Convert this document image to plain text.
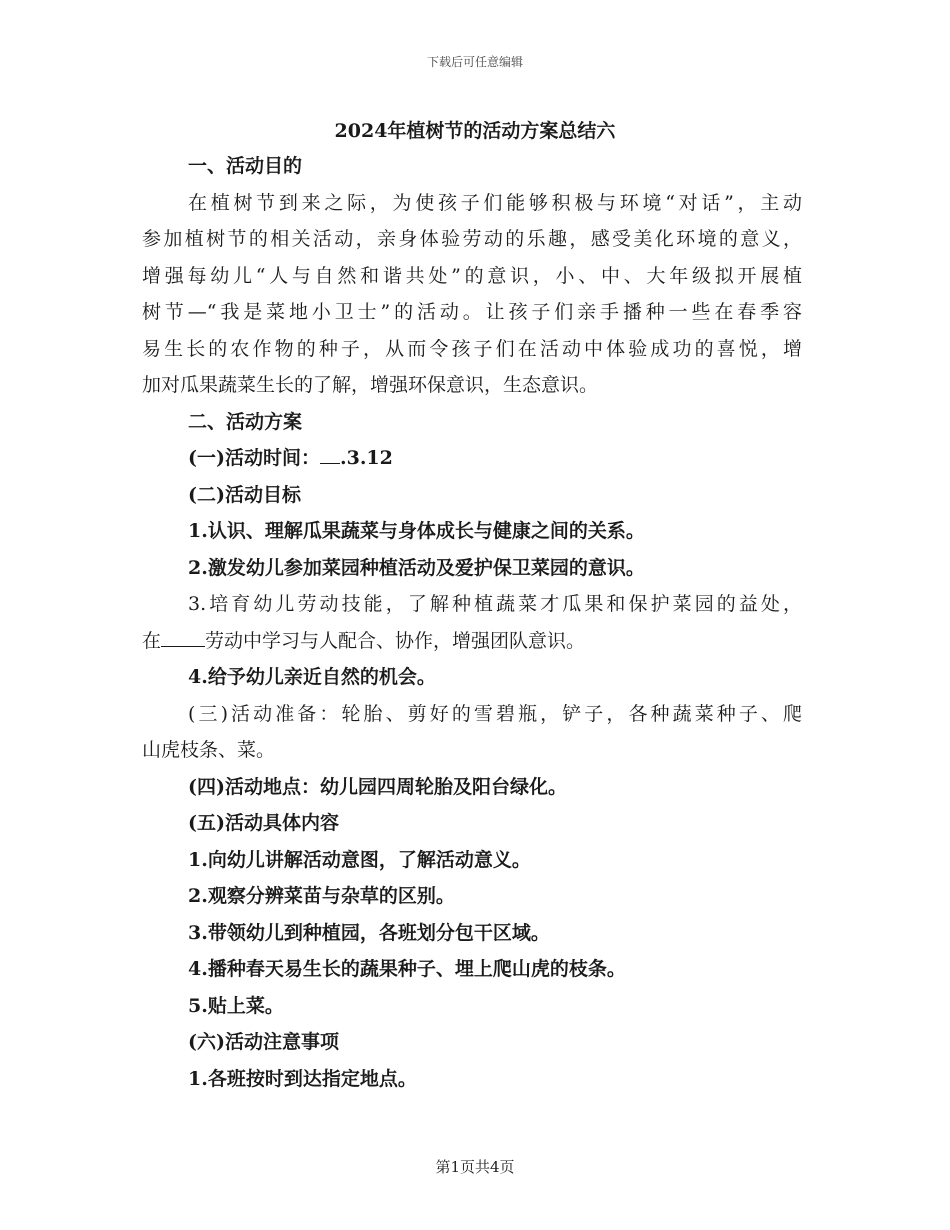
下载后可任意编辑
2024年植树节的活动方案总结六
一、活动目的
在植树节到来之际，为使孩子们能够积极与环境“对话”，主动
参加植树节的相关活动，亲身体验劳动的乐趣，感受美化环境的意义，
增强每幼儿“人与自然和谐共处”的意识，小、中、大年级拟开展植
树节—“我是菜地小卫士”的活动。让孩子们亲手播种一些在春季容
易生长的农作物的种子，从而令孩子们在活动中体验成功的喜悦，增
加对瓜果蔬菜生长的了解，增强环保意识，生态意识。
二、活动方案
(一)活动时间： .3.12
(二)活动目标
1.认识、理解瓜果蔬菜与身体成长与健康之间的关系。
2.激发幼儿参加菜园种植活动及爱护保卫菜园的意识。
3.培育幼儿劳动技能，了解种植蔬菜才瓜果和保护菜园的益处，
在 劳动中学习与人配合、协作，增强团队意识。
4.给予幼儿亲近自然的机会。
(三)活动准备：轮胎、剪好的雪碧瓶，铲子，各种蔬菜种子、爬
山虎枝条、菜。
(四)活动地点：幼儿园四周轮胎及阳台绿化。
(五)活动具体内容
1.向幼儿讲解活动意图，了解活动意义。
2.观察分辨菜苗与杂草的区别。
3.带领幼儿到种植园，各班划分包干区域。
4.播种春天易生长的蔬果种子、埋上爬山虎的枝条。
5.贴上菜。
(六)活动注意事项
1.各班按时到达指定地点。
第1页共4页
